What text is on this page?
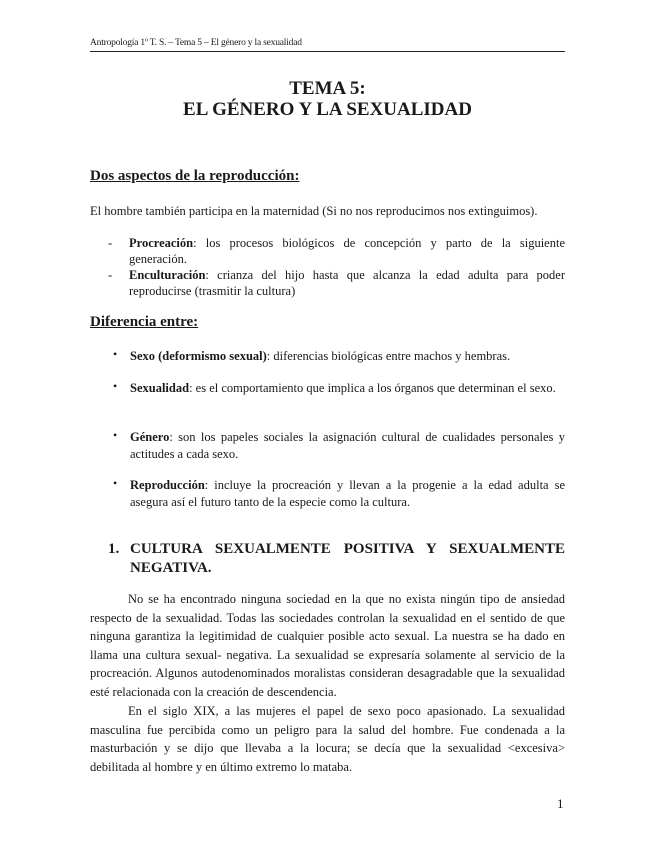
Antropología 1º T. S. – Tema 5 – El género y la sexualidad
TEMA 5:
EL GÉNERO Y LA SEXUALIDAD
Dos aspectos de la reproducción:
El hombre también participa en la maternidad (Si no nos reproducimos nos extinguimos).
- Procreación: los procesos biológicos de concepción y parto de la siguiente generación.
- Enculturación: crianza del hijo hasta que alcanza la edad adulta para poder reproducirse (trasmitir la cultura)
Diferencia entre:
• Sexo (deformismo sexual): diferencias biológicas entre machos y hembras.
• Sexualidad: es el comportamiento que implica a los órganos que determinan el sexo.
• Género: son los papeles sociales la asignación cultural de cualidades personales y actitudes a cada sexo.
• Reproducción: incluye la procreación y llevan a la progenie a la edad adulta se asegura así el futuro tanto de la especie como la cultura.
1. CULTURA SEXUALMENTE POSITIVA Y SEXUALMENTE NEGATIVA.
No se ha encontrado ninguna sociedad en la que no exista ningún tipo de ansiedad respecto de la sexualidad. Todas las sociedades controlan la sexualidad en el sentido de que ninguna garantiza la legitimidad de cualquier posible acto sexual. La nuestra se ha dado en llama una cultura sexual- negativa. La sexualidad se expresaría solamente al servicio de la procreación. Algunos autodenominados moralistas consideran desagradable que la sexualidad esté relacionada con la creación de descendencia.
En el siglo XIX, a las mujeres el papel de sexo poco apasionado. La sexualidad masculina fue percibida como un peligro para la salud del hombre. Fue condenada a la masturbación y se dijo que llevaba a la locura; se decía que la sexualidad <excesiva> debilitada al hombre y en último extremo lo mataba.
1
